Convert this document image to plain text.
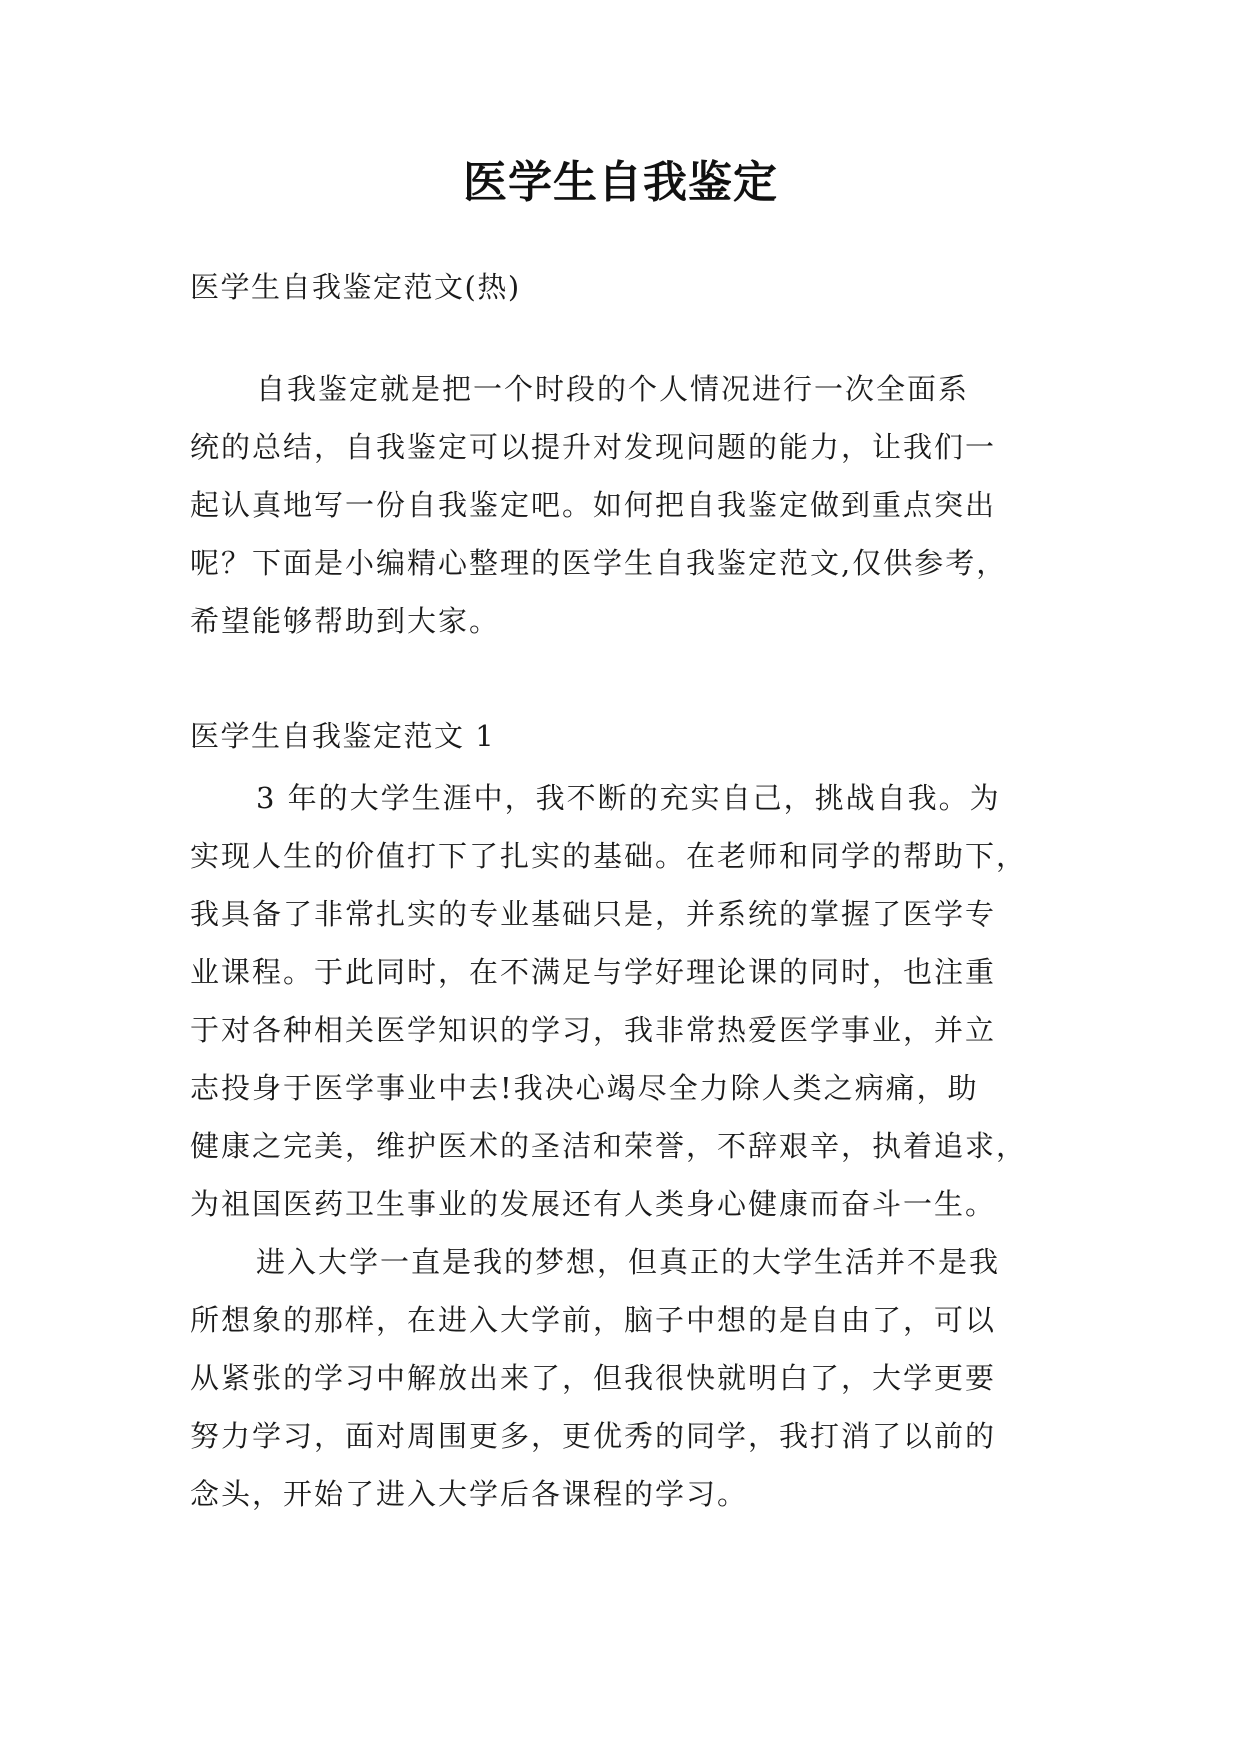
医学生自我鉴定

医学生自我鉴定范文(热)

自我鉴定就是把一个时段的个人情况进行一次全面系
统的总结，自我鉴定可以提升对发现问题的能力，让我们一
起认真地写一份自我鉴定吧。如何把自我鉴定做到重点突出
呢？下面是小编精心整理的医学生自我鉴定范文,仅供参考，
希望能够帮助到大家。

医学生自我鉴定范文 1

3 年的大学生涯中，我不断的充实自己，挑战自我。为
实现人生的价值打下了扎实的基础。在老师和同学的帮助下，
我具备了非常扎实的专业基础只是，并系统的掌握了医学专
业课程。于此同时，在不满足与学好理论课的同时，也注重
于对各种相关医学知识的学习，我非常热爱医学事业，并立
志投身于医学事业中去!我决心竭尽全力除人类之病痛，助
健康之完美，维护医术的圣洁和荣誉，不辞艰辛，执着追求，
为祖国医药卫生事业的发展还有人类身心健康而奋斗一生。
进入大学一直是我的梦想，但真正的大学生活并不是我
所想象的那样，在进入大学前，脑子中想的是自由了，可以
从紧张的学习中解放出来了，但我很快就明白了，大学更要
努力学习，面对周围更多，更优秀的同学，我打消了以前的
念头，开始了进入大学后各课程的学习。
